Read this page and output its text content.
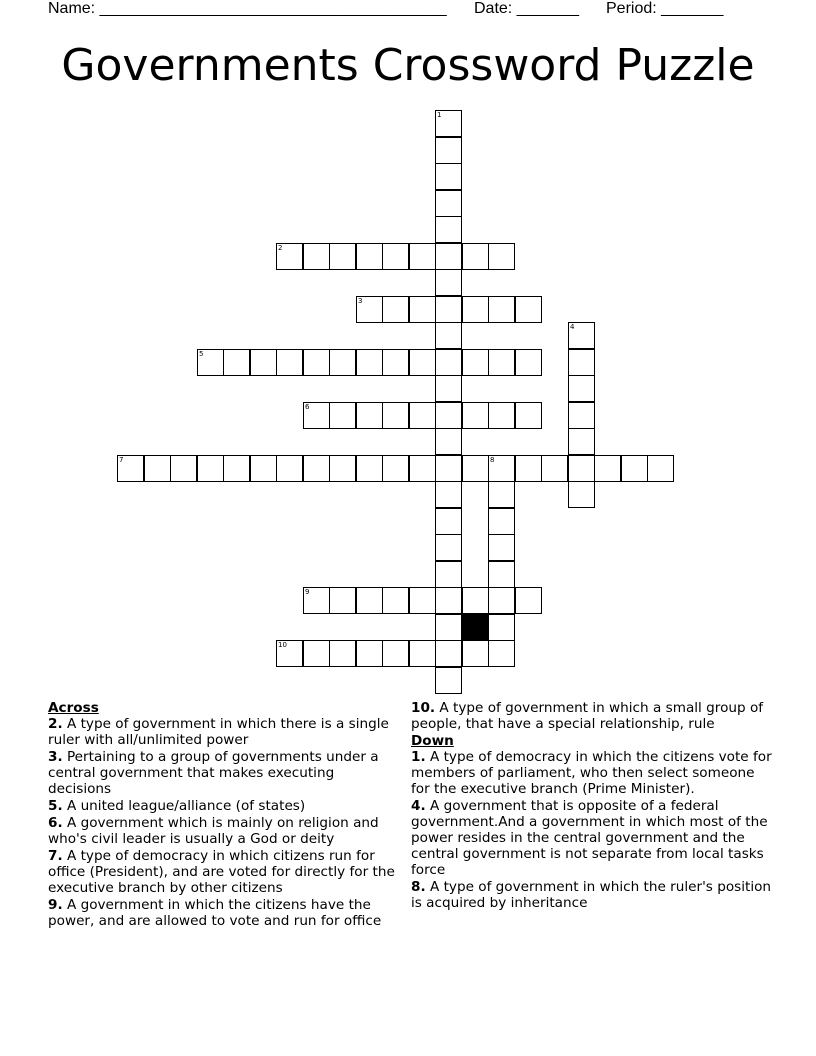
Name: _______________________________________ Date: _______ Period: _______
Governments Crossword Puzzle
1
2
3
4
5
6
7	8
9
10

Across

2. A type of government in which there is a single ruler with all/unlimited power

3. Pertaining to a group of governments under a central government that makes executing decisions

5. A united league/alliance (of states)

6. A government which is mainly on religion and who's civil leader is usually a God or deity

7. A type of democracy in which citizens run for office (President), and are voted for directly for the executive branch by other citizens

9. A government in which the citizens have the power, and are allowed to vote and run for office

10. A type of government in which a small group of people, that have a special relationship, rule

Down

1. A type of democracy in which the citizens vote for members of parliament, who then select someone for the executive branch (Prime Minister).

4. A government that is opposite of a federal government.And a government in which most of the power resides in the central government and the central government is not separate from local tasks force

8. A type of government in which the ruler's position is acquired by inheritance
